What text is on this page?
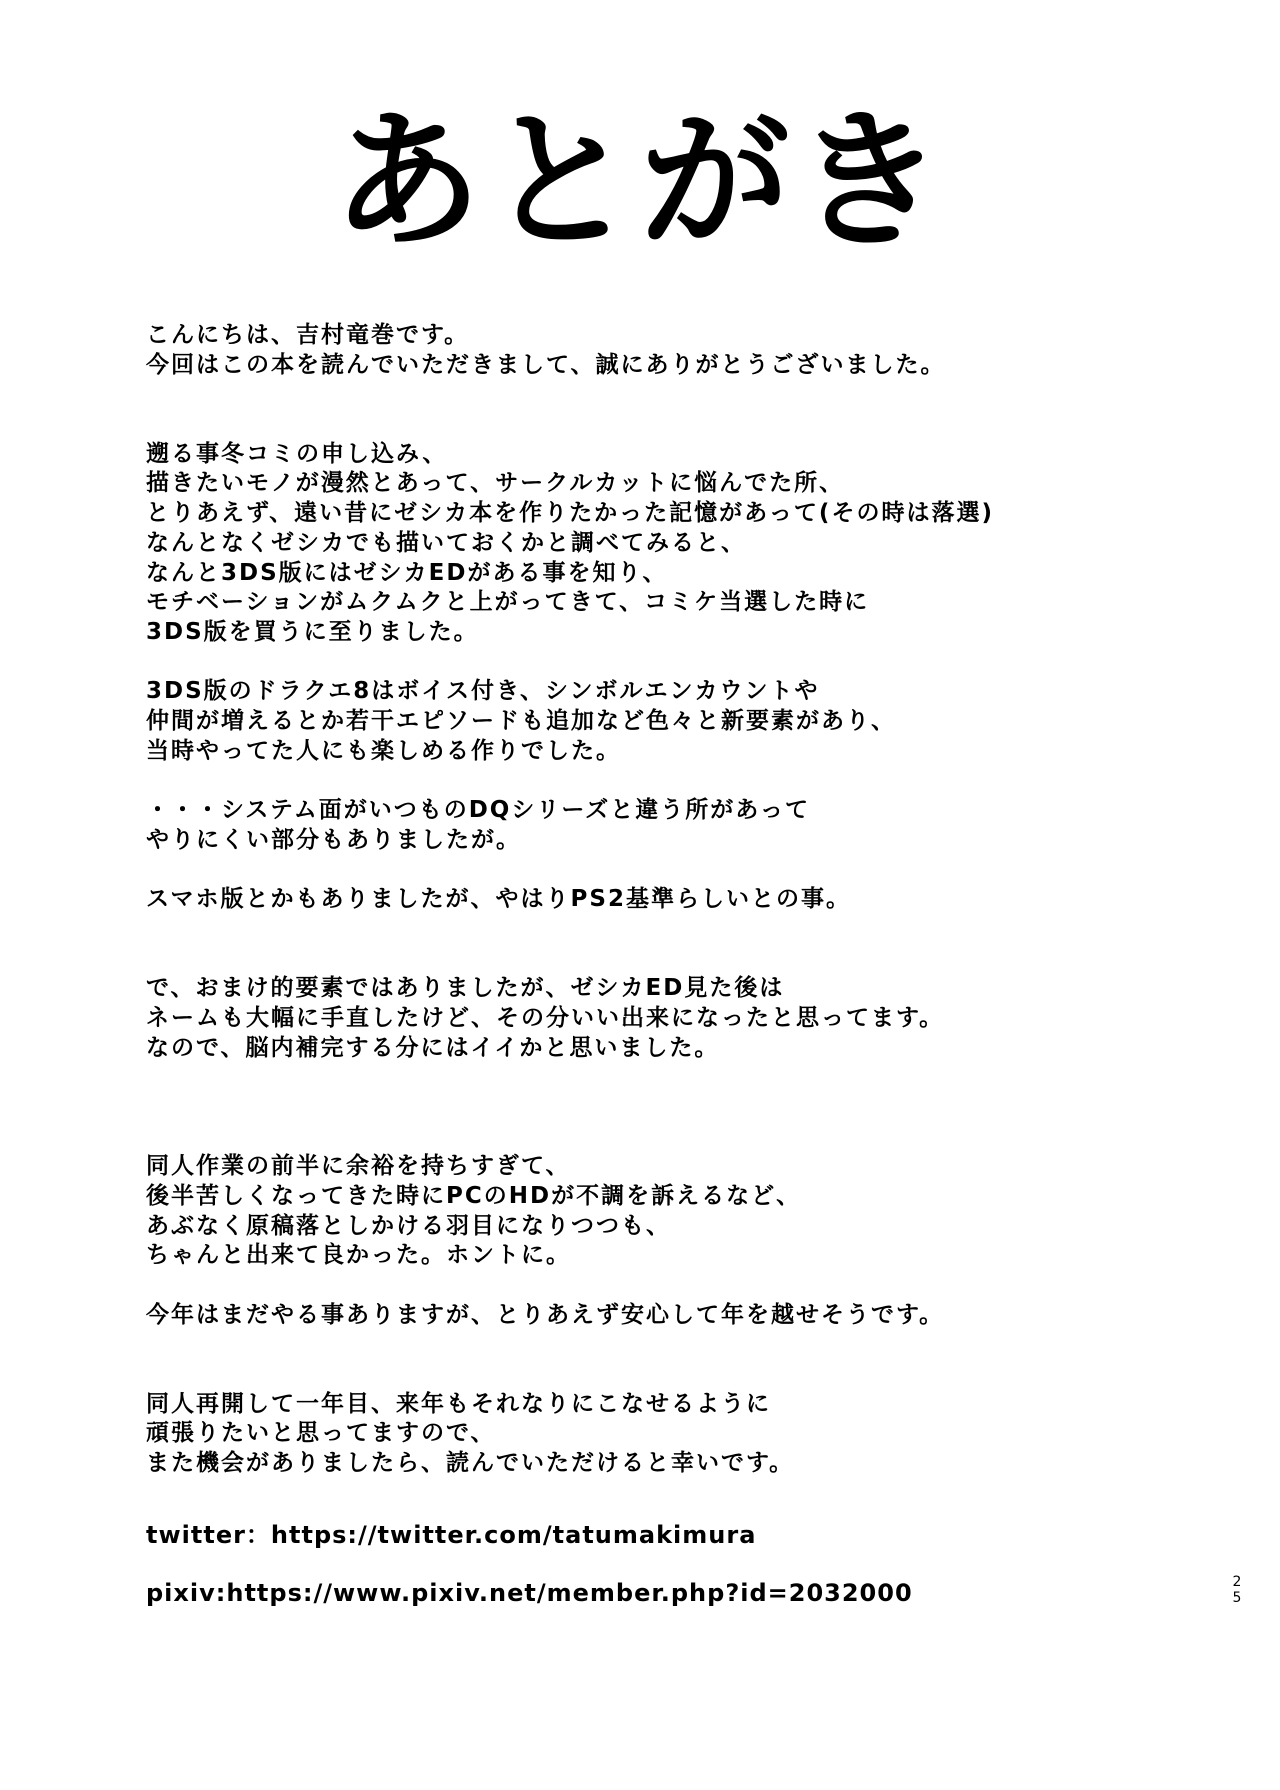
あとがき
こんにちは、吉村竜巻です。
今回はこの本を読んでいただきまして、誠にありがとうございました。
遡る事冬コミの申し込み、
描きたいモノが漫然とあって、サークルカットに悩んでた所、
とりあえず、遠い昔にゼシカ本を作りたかった記憶があって(その時は落選)
なんとなくゼシカでも描いておくかと調べてみると、
なんと3DS版にはゼシカEDがある事を知り、
モチベーションがムクムクと上がってきて、コミケ当選した時に
3DS版を買うに至りました。
3DS版のドラクエ8はボイス付き、シンボルエンカウントや
仲間が増えるとか若干エピソードも追加など色々と新要素があり、
当時やってた人にも楽しめる作りでした。
・・・システム面がいつものDQシリーズと違う所があって
やりにくい部分もありましたが。
スマホ版とかもありましたが、やはりPS2基準らしいとの事。
で、おまけ的要素ではありましたが、ゼシカED見た後は
ネームも大幅に手直したけど、その分いい出来になったと思ってます。
なので、脳内補完する分にはイイかと思いました。
同人作業の前半に余裕を持ちすぎて、
後半苦しくなってきた時にPCのHDが不調を訴えるなど、
あぶなく原稿落としかける羽目になりつつも、
ちゃんと出来て良かった。ホントに。
今年はまだやる事ありますが、とりあえず安心して年を越せそうです。
同人再開して一年目、来年もそれなりにこなせるように
頑張りたいと思ってますので、
また機会がありましたら、読んでいただけると幸いです。
twitter：https://twitter.com/tatumakimura
pixiv:https://www.pixiv.net/member.php?id=2032000	2
5
